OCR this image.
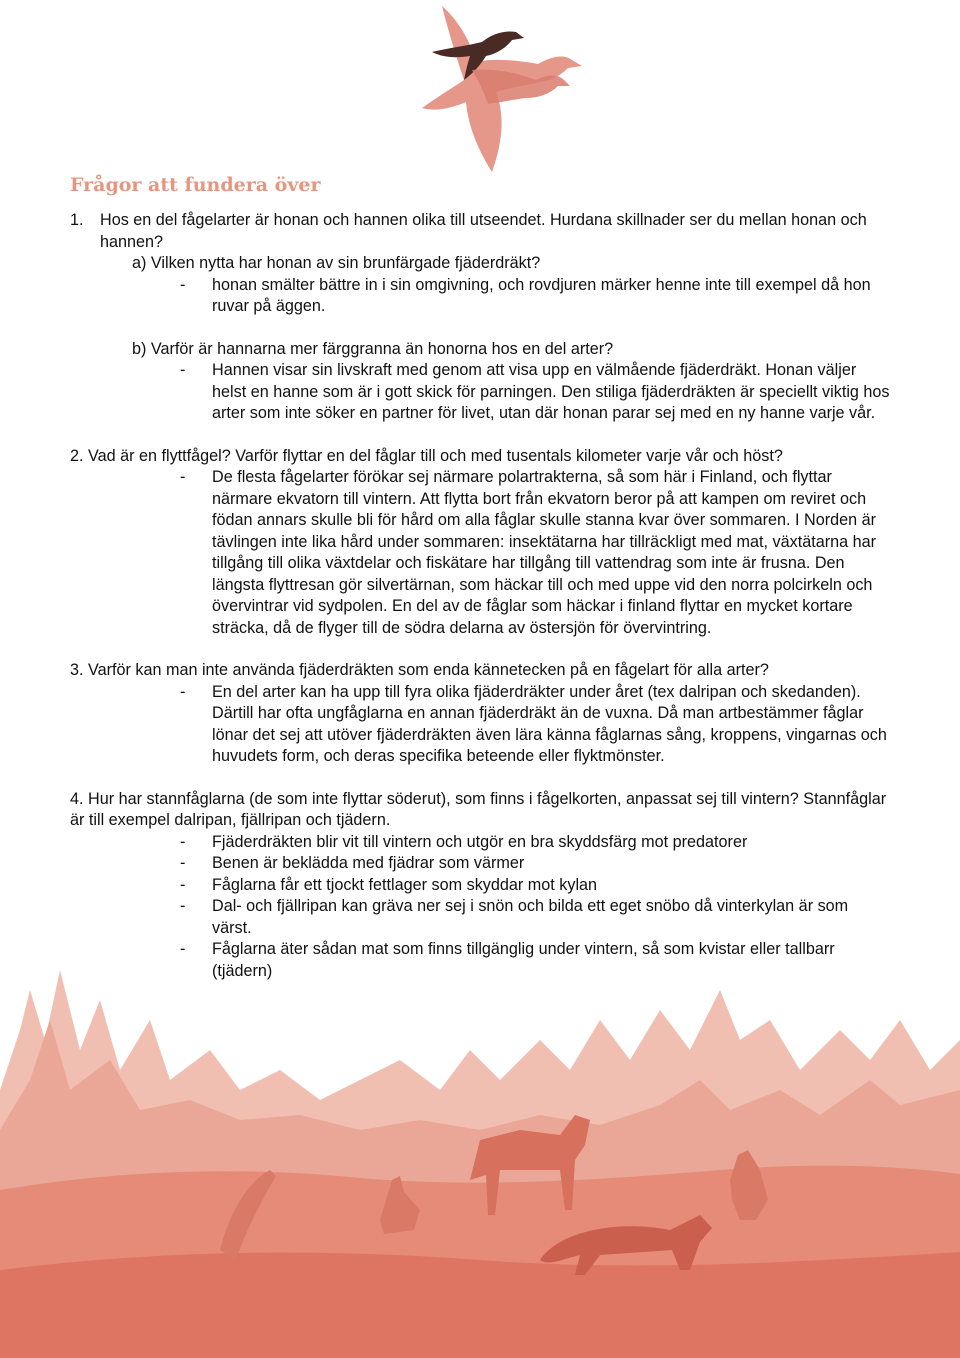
Frågor att fundera över
1. Hos en del fågelarter är honan och hannen olika till utseendet. Hurdana skillnader ser du mellan honan och hannen?

a) Vilken nytta har honan av sin brunfärgade fjäderdräkt?

- honan smälter bättre in i sin omgivning, och rovdjuren märker henne inte till exempel då hon ruvar på äggen.

b) Varför är hannarna mer färggranna än honorna hos en del arter?

- Hannen visar sin livskraft med genom att visa upp en välmående fjäderdräkt. Honan väljer helst en hanne som är i gott skick för parningen. Den stiliga fjäderdräkten är speciellt viktig hos arter som inte söker en partner för livet, utan där honan parar sej med en ny hanne varje vår.

2. Vad är en flyttfågel? Varför flyttar en del fåglar till och med tusentals kilometer varje vår och höst?

- De flesta fågelarter förökar sej närmare polartrakterna, så som här i Finland, och flyttar närmare ekvatorn till vintern. Att flytta bort från ekvatorn beror på att kampen om reviret och födan annars skulle bli för hård om alla fåglar skulle stanna kvar över sommaren. I Norden är tävlingen inte lika hård under sommaren: insektätarna har tillräckligt med mat, växtätarna har tillgång till olika växtdelar och fiskätare har tillgång till vattendrag som inte är frusna. Den längsta flyttresan gör silvertärnan, som häckar till och med uppe vid den norra polcirkeln och övervintrar vid sydpolen. En del av de fåglar som häckar i finland flyttar en mycket kortare sträcka, då de flyger till de södra delarna av östersjön för övervintring.

3. Varför kan man inte använda fjäderdräkten som enda kännetecken på en fågelart för alla arter?

- En del arter kan ha upp till fyra olika fjäderdräkter under året (tex dalripan och skedanden). Därtill har ofta ungfåglarna en annan fjäderdräkt än de vuxna. Då man artbestämmer fåglar lönar det sej att utöver fjäderdräkten även lära känna fåglarnas sång, kroppens, vingarnas och huvudets form, och deras specifika beteende eller flyktmönster.

4. Hur har stannfåglarna (de som inte flyttar söderut), som finns i fågelkorten, anpassat sej till vintern? Stannfåglar är till exempel dalripan, fjällripan och tjädern.

- Fjäderdräkten blir vit till vintern och utgör en bra skyddsfärg mot predatorer
- Benen är beklädda med fjädrar som värmer
- Fåglarna får ett tjockt fettlager som skyddar mot kylan
- Dal- och fjällripan kan gräva ner sej i snön och bilda ett eget snöbo då vinterkylan är som värst.
- Fåglarna äter sådan mat som finns tillgänglig under vintern, så som kvistar eller tallbarr (tjädern)
